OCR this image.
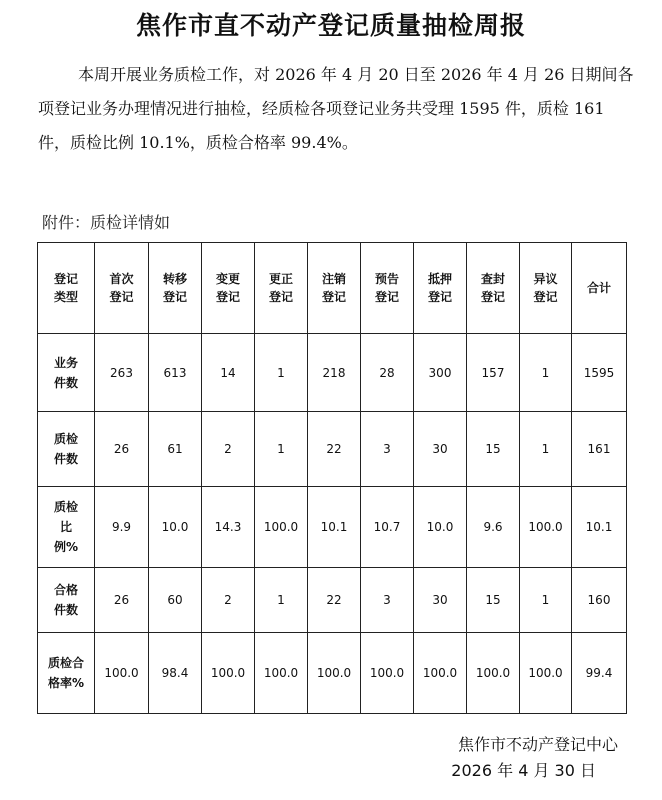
焦作市直不动产登记质量抽检周报

本周开展业务质检工作，对 2026 年 4 月 20 日至 2026 年 4 月 26 日期间各项登记业务办理情况进行抽检，经质检各项登记业务共受理 1595 件，质检 161 件，质检比例 10.1%，质检合格率 99.4%。

附件：质检详情如
登记类型	首次登记	转移登记	变更登记	更正登记	注销登记	预告登记	抵押登记	查封登记	异议登记	合计
业务件数	263	613	14	1	218	28	300	157	1	1595
质检件数	26	61	2	1	22	3	30	15	1	161
质检比例%	9.9	10.0	14.3	100.0	10.1	10.7	10.0	9.6	100.0	10.1
合格件数	26	60	2	1	22	3	30	15	1	160
质检合格率%	100.0	98.4	100.0	100.0	100.0	100.0	100.0	100.0	100.0	99.4
焦作市不动产登记中心
2026 年 4 月 30 日
